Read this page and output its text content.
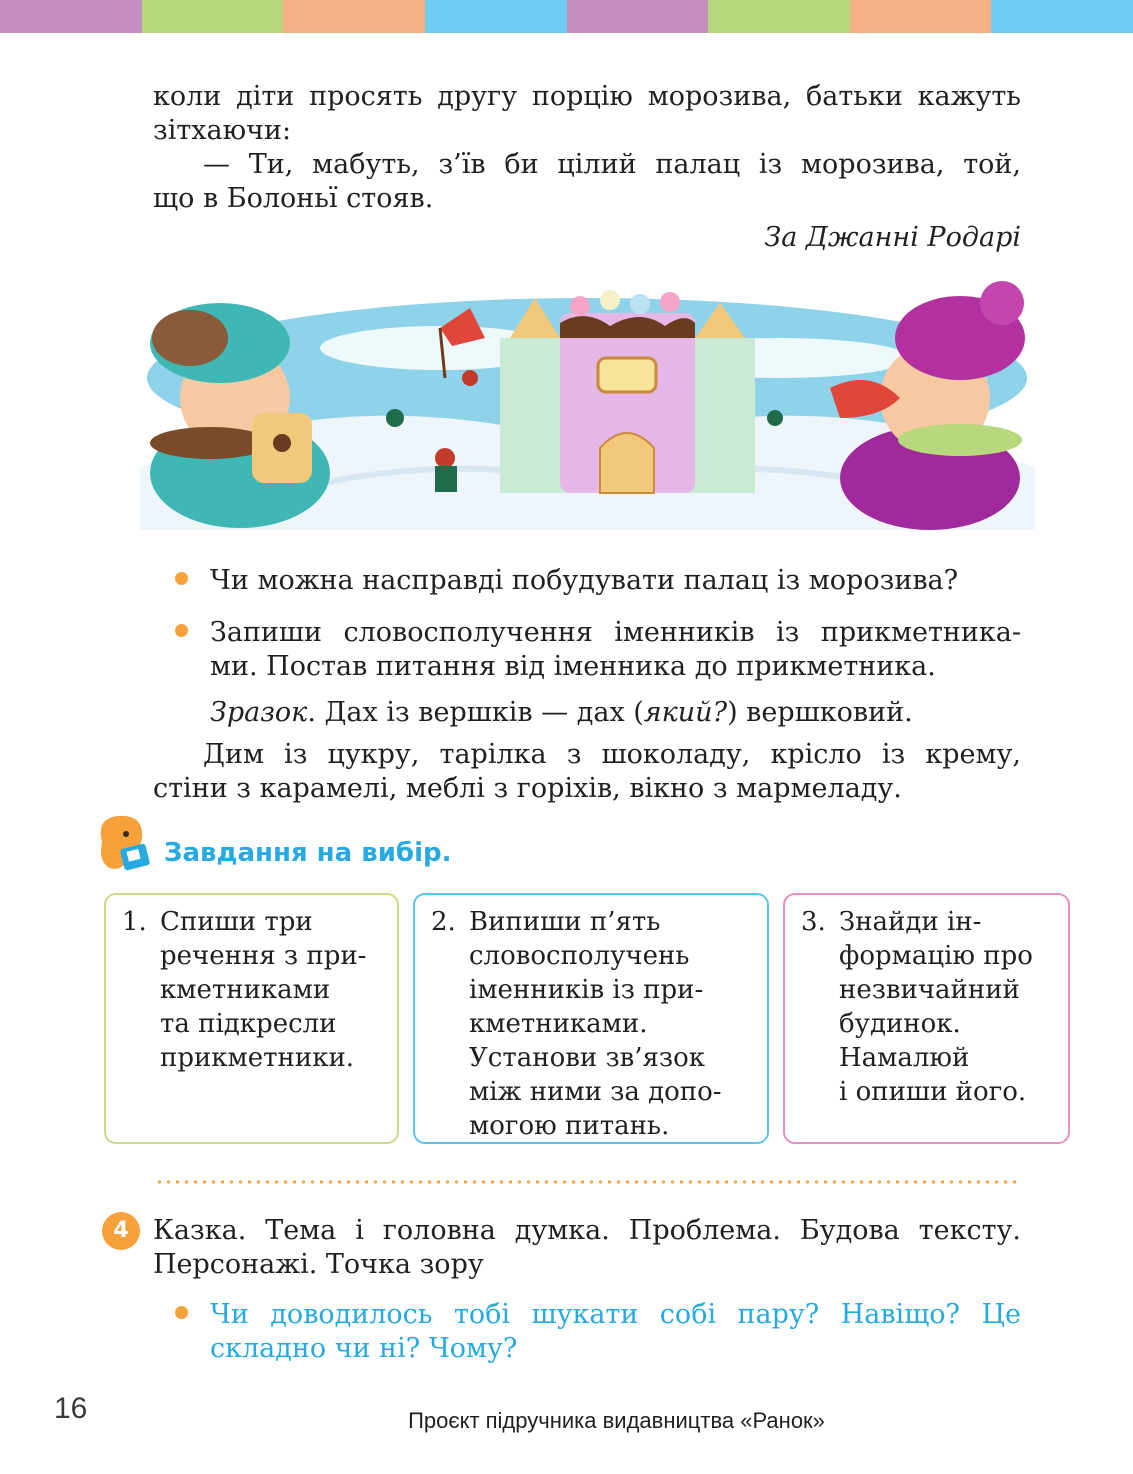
коли діти просять другу порцію морозива, батьки кажуть
зітхаючи:
— Ти, мабуть, з’їв би цілий палац із морозива, той,
що в Болоньї стояв.
За Джанні Родарі
Чи можна насправді побудувати палац із морозива?
Запиши словосполучення іменників із прикметника-
ми. Постав питання від іменника до прикметника.
Зразок. Дах із вершків — дах (який?) вершковий.
Дим із цукру, тарілка з шоколаду, крісло із крему,
стіни з карамелі, меблі з горіхів, вікно з мармеладу.
Завдання на вибір.
1. Спиши три
речення з при-
кметниками
та підкресли
прикметники.
2. Випиши п’ять
словосполучень
іменників із при-
кметниками.
Установи зв’язок
між ними за допо-
могою питань.
3. Знайди ін-
формацію про
незвичайний
будинок.
Намалюй
і опиши його.
4 Казка. Тема і головна думка. Проблема. Будова тексту.
Персонажі. Точка зору
Чи доводилось тобі шукати собі пару? Навіщо? Це
складно чи ні? Чому?
16	Проєкт підручника видавництва «Ранок»
